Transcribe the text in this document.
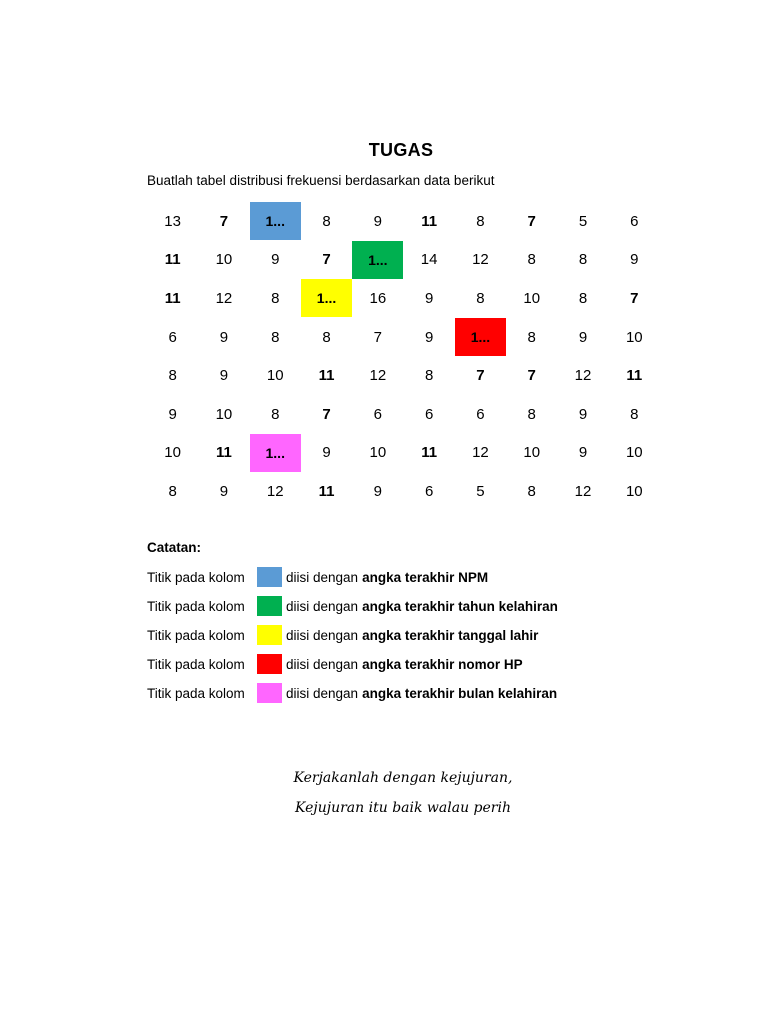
TUGAS
Buatlah tabel distribusi frekuensi berdasarkan data berikut
13	7	1...	8	9	11	8	7	5	6
11	10	9	7	1...	14	12	8	8	9
11	12	8	1...	16	9	8	10	8	7
6	9	8	8	7	9	1...	8	9	10
8	9	10	11	12	8	7	7	12	11
9	10	8	7	6	6	6	8	9	8
10	11	1...	9	10	11	12	10	9	10
8	9	12	11	9	6	5	8	12	10
Catatan:
Titik pada kolom	diisi dengan angka terakhir NPM
Titik pada kolom	diisi dengan angka terakhir tahun kelahiran
Titik pada kolom	diisi dengan angka terakhir tanggal lahir
Titik pada kolom	diisi dengan angka terakhir nomor HP
Titik pada kolom	diisi dengan angka terakhir bulan kelahiran
Kerjakanlah dengan kejujuran,
Kejujuran itu baik walau perih
